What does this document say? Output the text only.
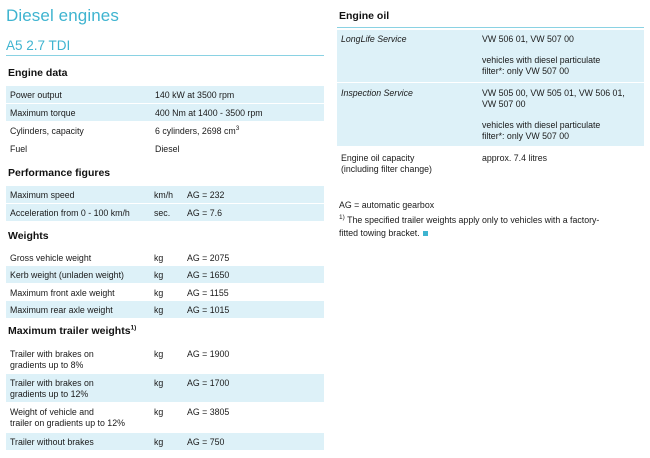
Diesel engines
A5 2.7 TDI
Engine data
Power output	140 kW at 3500 rpm
Maximum torque	400 Nm at 1400 - 3500 rpm
Cylinders, capacity	6 cylinders, 2698 $cm^3$
Fuel	Diesel
Performance figures
Maximum speed	km/h AG = 232
Acceleration from 0 - 100 km/h	sec. AG = 7.6
Weights
Gross vehicle weight	kg	AG = 2075
Kerb weight (unladen weight)	kg	AG = 1650
Maximum front axle weight	kg	AG = 1155
Maximum rear axle weight	kg	AG = 1015
Maximum trailer weights$^{1)}$
Trailer with brakes on
gradients up to 8%
kg	AG = 1900
Trailer with brakes on
gradients up to 12%
kg	AG = 1700
Weight of vehicle and
trailer on gradients up to 12%
kg	AG = 3805
Trailer without brakes	kg	AG = 750
Engine oil
LongLife Service	VW 506 01, VW 507 00
vehicles with diesel particulate
filter*: only VW 507 00
Inspection Service	VW 505 00, VW 505 01, VW 506 01,
VW 507 00
vehicles with diesel particulate
filter*: only VW 507 00
Engine oil capacity
(including filter change)
approx. 7.4 litres
AG = automatic gearbox
$^{1)}$ The specified trailer weights apply only to vehicles with a factory-
fitted towing bracket.
